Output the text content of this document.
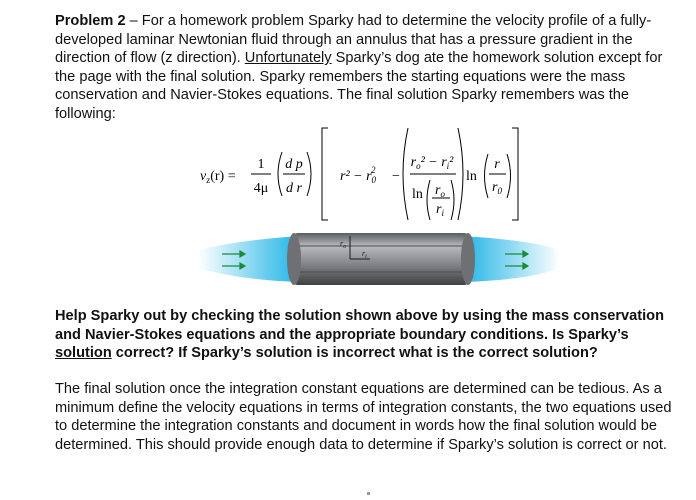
Problem 2 – For a homework problem Sparky had to determine the velocity profile of a fully-developed laminar Newtonian fluid through an annulus that has a pressure gradient in the direction of flow (z direction). Unfortunately Sparky’s dog ate the homework solution except for the page with the final solution. Sparky remembers the starting equations were the mass conservation and Navier-Stokes equations. The final solution Sparky remembers was the following:
$v_z(r)$ =
1
4μ
d p
d r
$r^2 - r_02$ −
$r_o^2 - r_i^2$
$\ln r_o$
$r_i$
ln
r
$r_0$
$r_o$
$r_i$
Help Sparky out by checking the solution shown above by using the mass conservation and Navier-Stokes equations and the appropriate boundary conditions. Is Sparky’s solution correct? If Sparky’s solution is incorrect what is the correct solution?
The final solution once the integration constant equations are determined can be tedious. As a minimum define the velocity equations in terms of integration constants, the two equations used to determine the integration constants and document in words how the final solution would be determined. This should provide enough data to determine if Sparky’s solution is correct or not.
